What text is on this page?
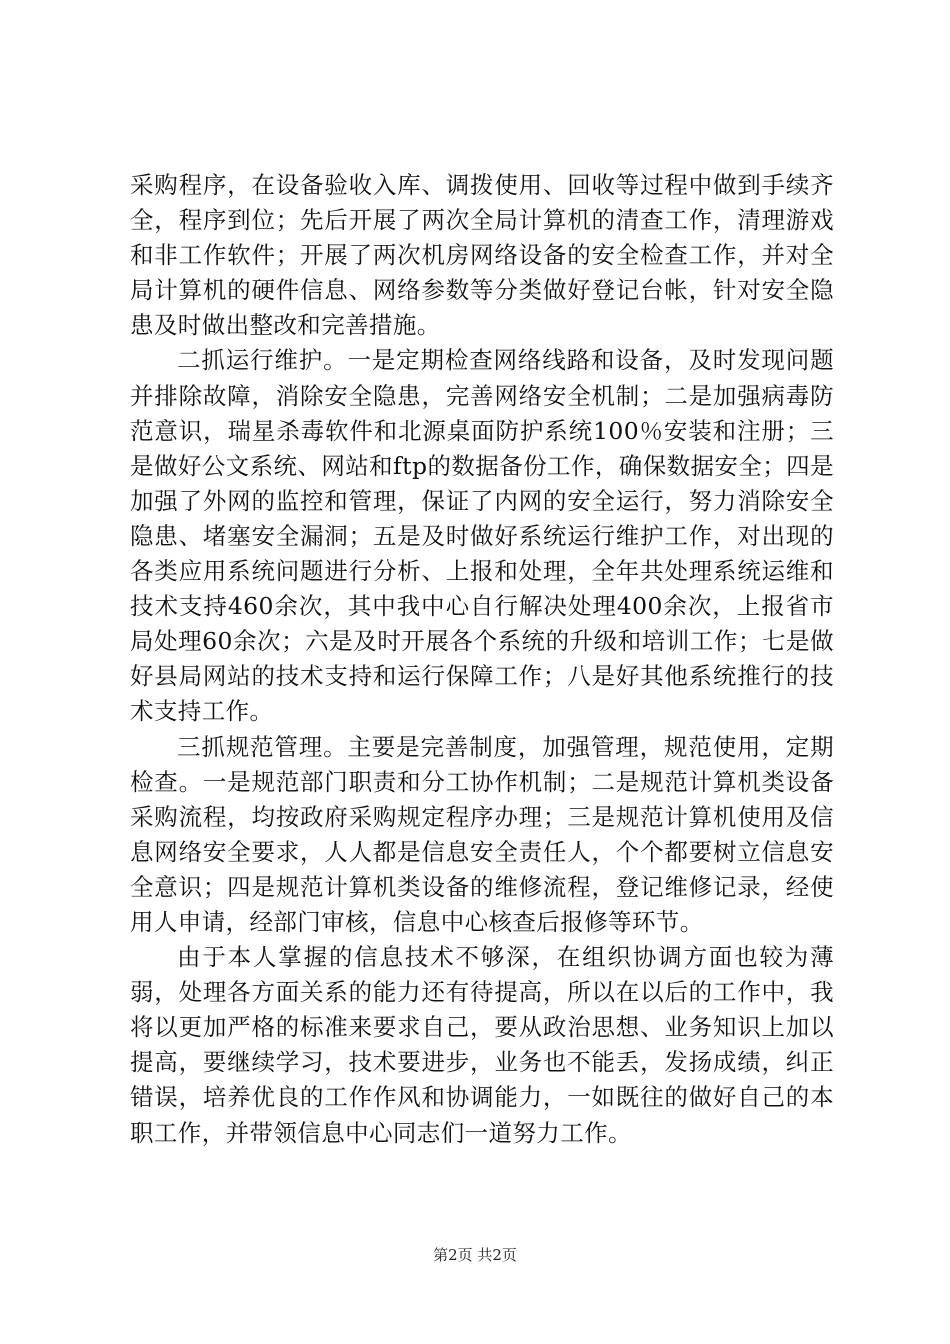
采购程序，在设备验收入库、调拨使用、回收等过程中做到手续齐全，程序到位；先后开展了两次全局计算机的清查工作，清理游戏和非工作软件；开展了两次机房网络设备的安全检查工作，并对全局计算机的硬件信息、网络参数等分类做好登记台帐，针对安全隐患及时做出整改和完善措施。

二抓运行维护。一是定期检查网络线路和设备，及时发现问题并排除故障，消除安全隐患，完善网络安全机制；二是加强病毒防范意识，瑞星杀毒软件和北源桌面防护系统100％安装和注册；三是做好公文系统、网站和ftp的数据备份工作，确保数据安全；四是加强了外网的监控和管理，保证了内网的安全运行，努力消除安全隐患、堵塞安全漏洞；五是及时做好系统运行维护工作，对出现的各类应用系统问题进行分析、上报和处理，全年共处理系统运维和技术支持460余次，其中我中心自行解决处理400余次，上报省市局处理60余次；六是及时开展各个系统的升级和培训工作；七是做好县局网站的技术支持和运行保障工作；八是好其他系统推行的技术支持工作。

三抓规范管理。主要是完善制度，加强管理，规范使用，定期检查。一是规范部门职责和分工协作机制；二是规范计算机类设备采购流程，均按政府采购规定程序办理；三是规范计算机使用及信息网络安全要求，人人都是信息安全责任人，个个都要树立信息安全意识；四是规范计算机类设备的维修流程，登记维修记录，经使用人申请，经部门审核，信息中心核查后报修等环节。

由于本人掌握的信息技术不够深，在组织协调方面也较为薄弱，处理各方面关系的能力还有待提高，所以在以后的工作中，我将以更加严格的标准来要求自己，要从政治思想、业务知识上加以提高，要继续学习，技术要进步，业务也不能丢，发扬成绩，纠正错误，培养优良的工作作风和协调能力，一如既往的做好自己的本职工作，并带领信息中心同志们一道努力工作。

第2页 共2页
